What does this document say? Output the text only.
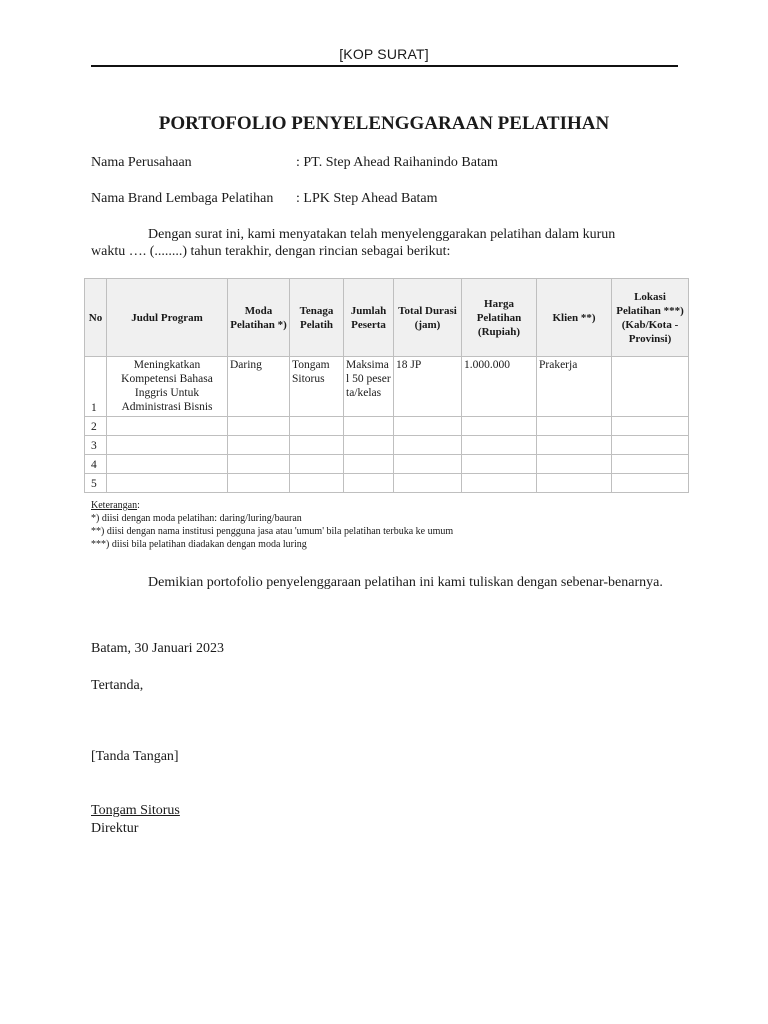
[KOP SURAT]
PORTOFOLIO PENYELENGGARAAN PELATIHAN
Nama Perusahaan	: PT. Step Ahead Raihanindo Batam
Nama Brand Lembaga Pelatihan : LPK Step Ahead Batam
Dengan surat ini, kami menyatakan telah menyelenggarakan pelatihan dalam kurun
waktu …. (........) tahun terakhir, dengan rincian sebagai berikut:
No	Judul Program	Moda Pelatihan *)	Tenaga Pelatih	Jumlah Peserta	Total Durasi (jam)	Harga Pelatihan (Rupiah)	Klien **)	Lokasi Pelatihan ***) (Kab/Kota - Provinsi)
1	Meningkatkan Kompetensi Bahasa Inggris Untuk Administrasi Bisnis	Daring	Tongam Sitorus	Maksimal 50 peserta/kelas	18 JP	1.000.000	Prakerja	
2								
3								
4								
5								
Keterangan:
*) diisi dengan moda pelatihan: daring/luring/bauran
**) diisi dengan nama institusi pengguna jasa atau 'umum' bila pelatihan terbuka ke umum
***) diisi bila pelatihan diadakan dengan moda luring
Demikian portofolio penyelenggaraan pelatihan ini kami tuliskan dengan sebenar-benarnya.
Batam, 30 Januari 2023
Tertanda,
[Tanda Tangan]
Tongam Sitorus
Direktur
